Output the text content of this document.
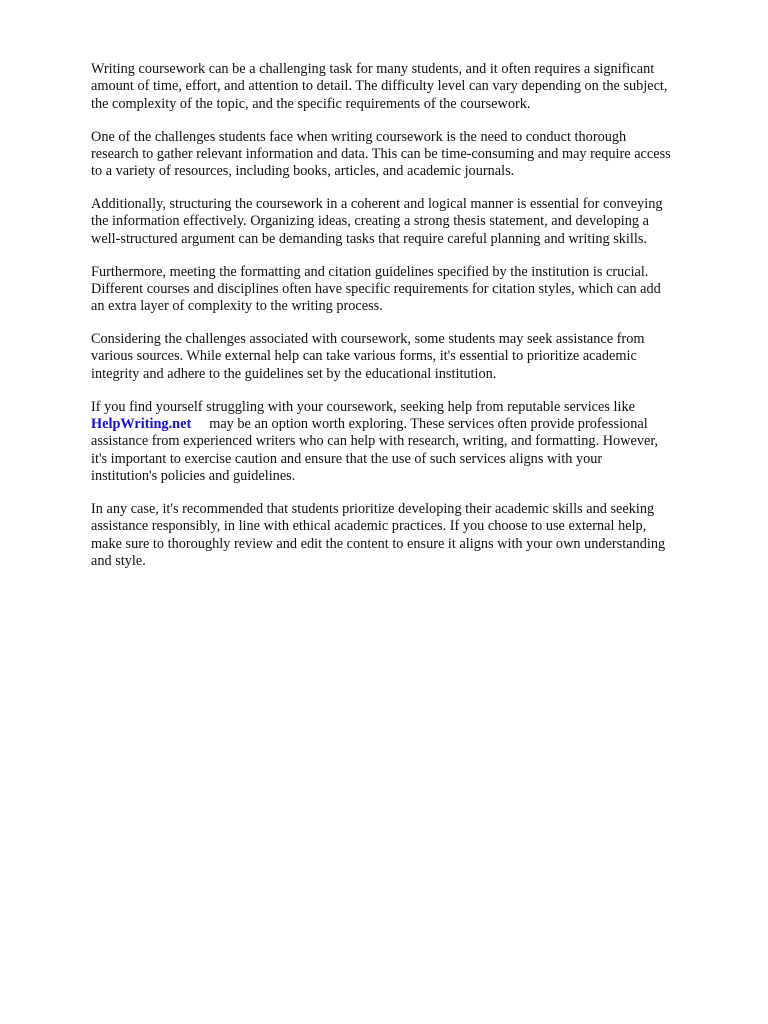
Writing coursework can be a challenging task for many students, and it often requires a significant
amount of time, effort, and attention to detail. The difficulty level can vary depending on the subject,
the complexity of the topic, and the specific requirements of the coursework.

One of the challenges students face when writing coursework is the need to conduct thorough
research to gather relevant information and data. This can be time-consuming and may require access
to a variety of resources, including books, articles, and academic journals.

Additionally, structuring the coursework in a coherent and logical manner is essential for conveying
the information effectively. Organizing ideas, creating a strong thesis statement, and developing a
well-structured argument can be demanding tasks that require careful planning and writing skills.

Furthermore, meeting the formatting and citation guidelines specified by the institution is crucial.
Different courses and disciplines often have specific requirements for citation styles, which can add
an extra layer of complexity to the writing process.

Considering the challenges associated with coursework, some students may seek assistance from
various sources. While external help can take various forms, it's essential to prioritize academic
integrity and adhere to the guidelines set by the educational institution.

If you find yourself struggling with your coursework, seeking help from reputable services like
HelpWriting.net may be an option worth exploring. These services often provide professional
assistance from experienced writers who can help with research, writing, and formatting. However,
it's important to exercise caution and ensure that the use of such services aligns with your
institution's policies and guidelines.

In any case, it's recommended that students prioritize developing their academic skills and seeking
assistance responsibly, in line with ethical academic practices. If you choose to use external help,
make sure to thoroughly review and edit the content to ensure it aligns with your own understanding
and style.
